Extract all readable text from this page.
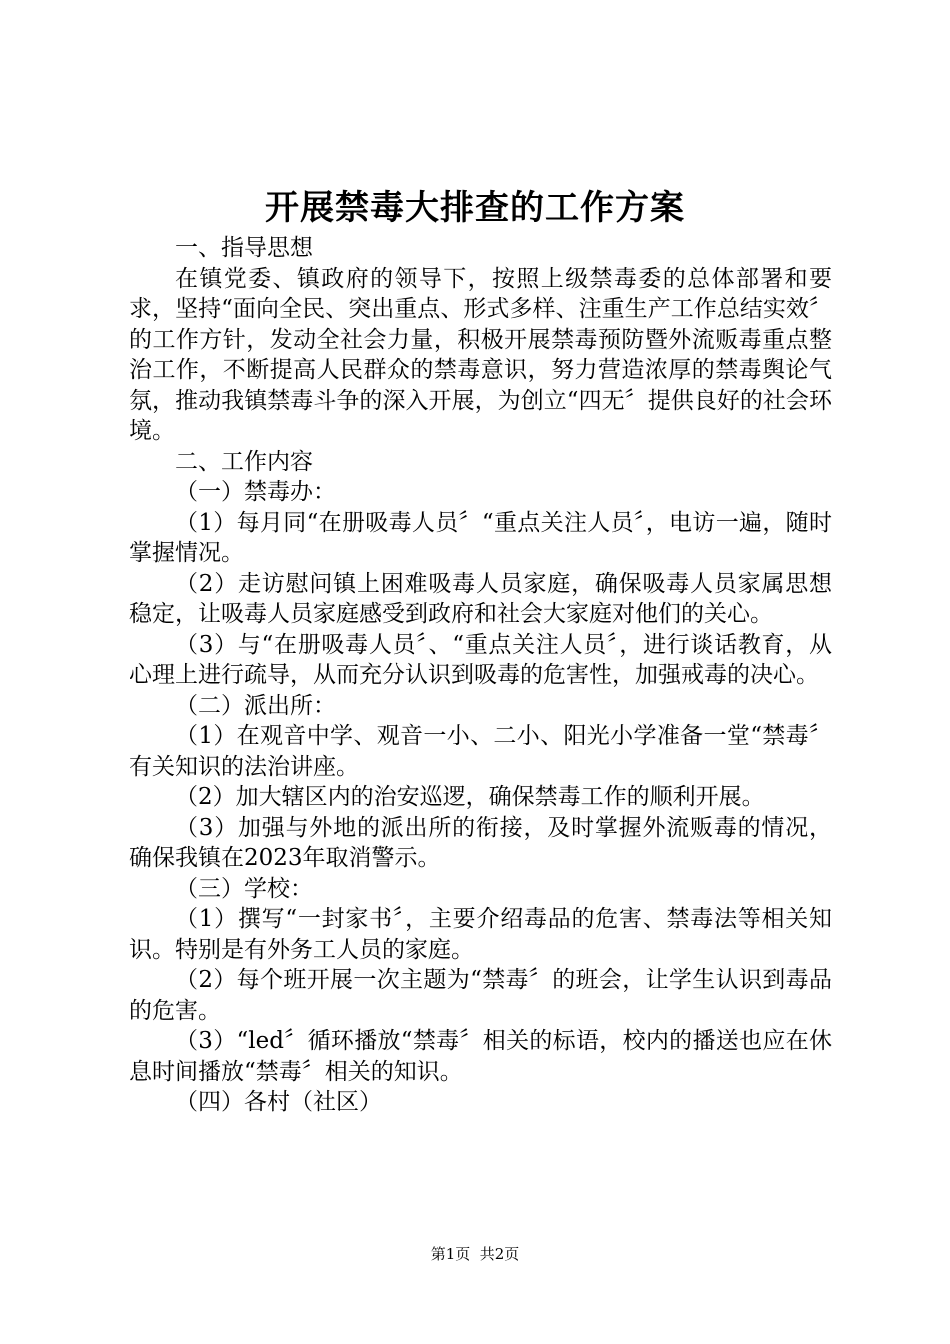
开展禁毒大排查的工作方案

一、指导思想

在镇党委、镇政府的领导下，按照上级禁毒委的总体部署和要求，坚持“面向全民、突出重点、形式多样、注重生产工作总结实效〞的工作方针，发动全社会力量，积极开展禁毒预防暨外流贩毒重点整治工作，不断提高人民群众的禁毒意识，努力营造浓厚的禁毒舆论气氛，推动我镇禁毒斗争的深入开展，为创立“四无〞提供良好的社会环境。

二、工作内容

（一）禁毒办：

（1）每月同“在册吸毒人员〞“重点关注人员〞，电访一遍，随时掌握情况。

（2）走访慰问镇上困难吸毒人员家庭，确保吸毒人员家属思想稳定，让吸毒人员家庭感受到政府和社会大家庭对他们的关心。

（3）与“在册吸毒人员〞、“重点关注人员〞，进行谈话教育，从心理上进行疏导，从而充分认识到吸毒的危害性，加强戒毒的决心。

（二）派出所：

（1）在观音中学、观音一小、二小、阳光小学准备一堂“禁毒〞有关知识的法治讲座。

（2）加大辖区内的治安巡逻，确保禁毒工作的顺利开展。

（3）加强与外地的派出所的衔接，及时掌握外流贩毒的情况，确保我镇在2023年取消警示。

（三）学校：

（1）撰写“一封家书〞，主要介绍毒品的危害、禁毒法等相关知识。特别是有外务工人员的家庭。

（2）每个班开展一次主题为“禁毒〞的班会，让学生认识到毒品的危害。

（3）“led〞循环播放“禁毒〞相关的标语，校内的播送也应在休息时间播放“禁毒〞相关的知识。

（四）各村（社区）

第1页  共2页
